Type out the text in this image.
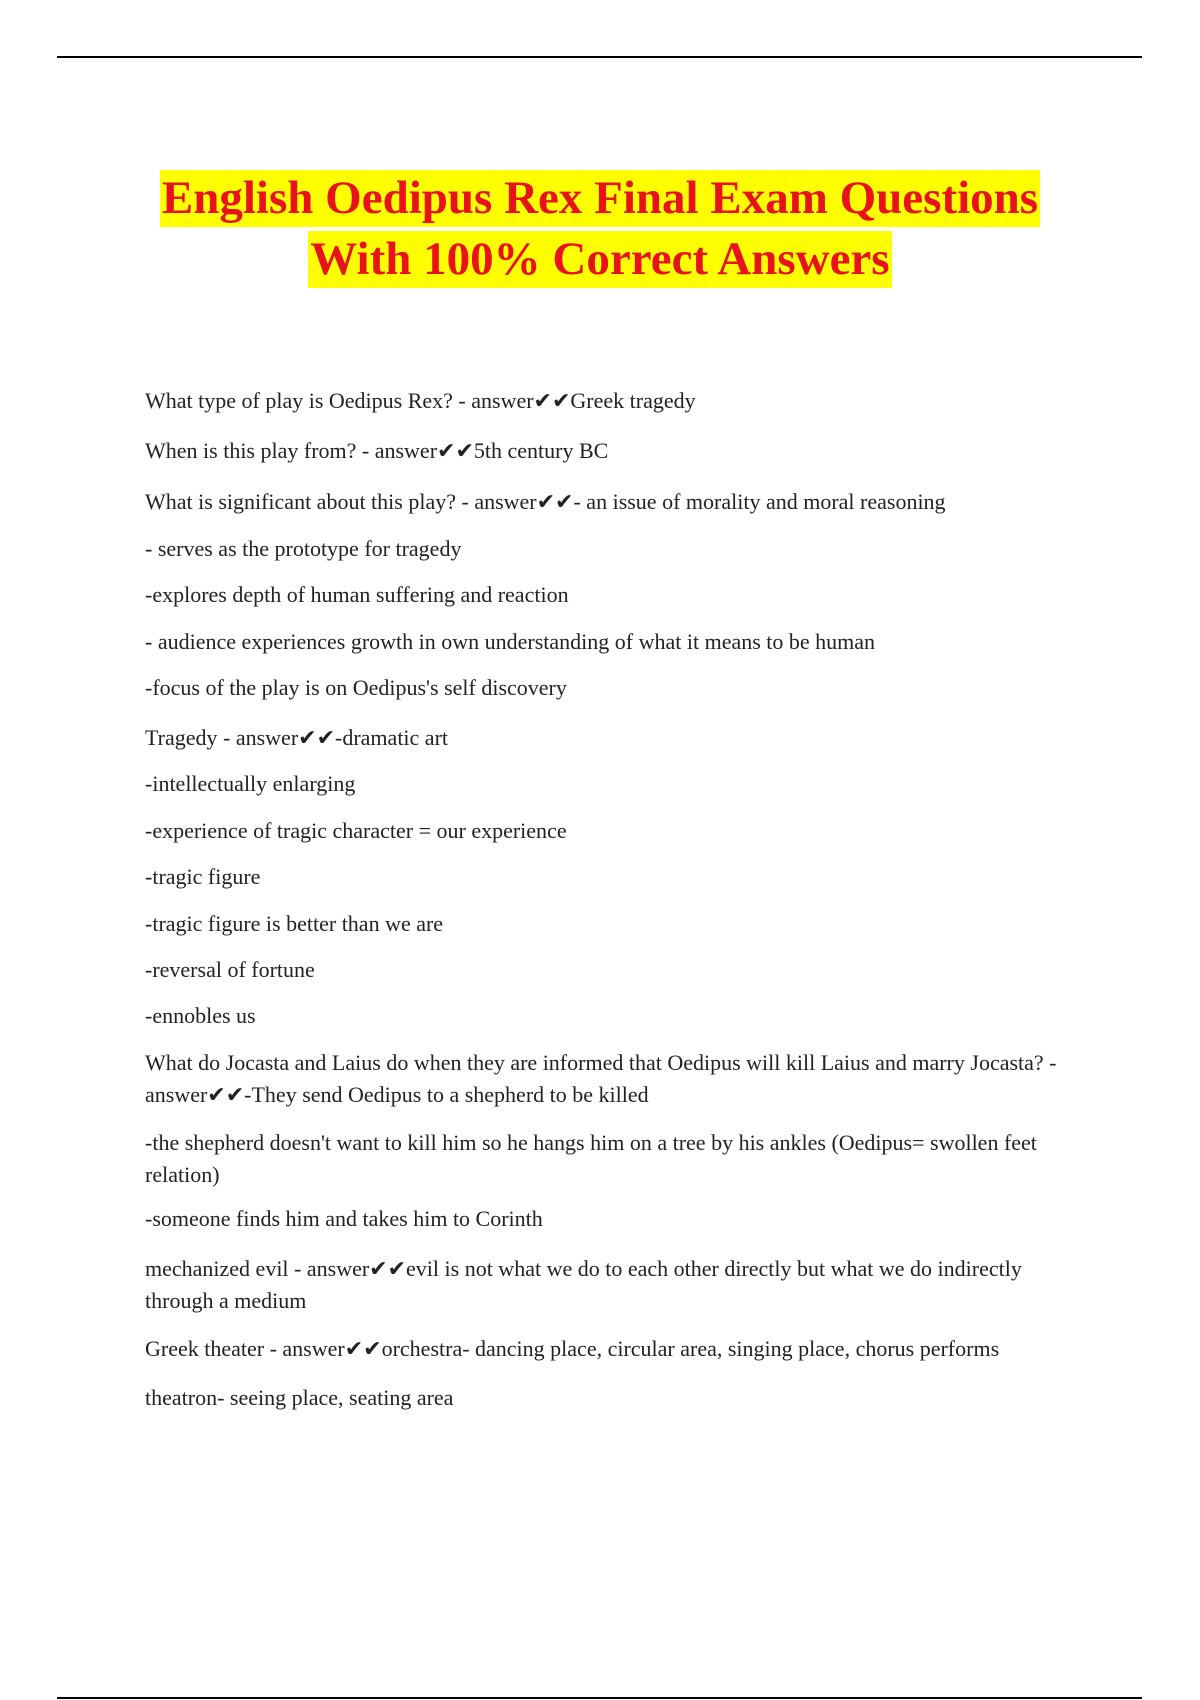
English Oedipus Rex Final Exam Questions
With 100% Correct Answers

What type of play is Oedipus Rex? - answer✔✔Greek tragedy

When is this play from? - answer✔✔5th century BC

What is significant about this play? - answer✔✔- an issue of morality and moral reasoning

- serves as the prototype for tragedy

-explores depth of human suffering and reaction

- audience experiences growth in own understanding of what it means to be human

-focus of the play is on Oedipus's self discovery

Tragedy - answer✔✔-dramatic art

-intellectually enlarging

-experience of tragic character = our experience

-tragic figure

-tragic figure is better than we are

-reversal of fortune

-ennobles us

What do Jocasta and Laius do when they are informed that Oedipus will kill Laius and marry Jocasta? - answer✔✔-They send Oedipus to a shepherd to be killed

-the shepherd doesn't want to kill him so he hangs him on a tree by his ankles (Oedipus= swollen feet relation)

-someone finds him and takes him to Corinth

mechanized evil - answer✔✔evil is not what we do to each other directly but what we do indirectly through a medium

Greek theater - answer✔✔orchestra- dancing place, circular area, singing place, chorus performs

theatron- seeing place, seating area
